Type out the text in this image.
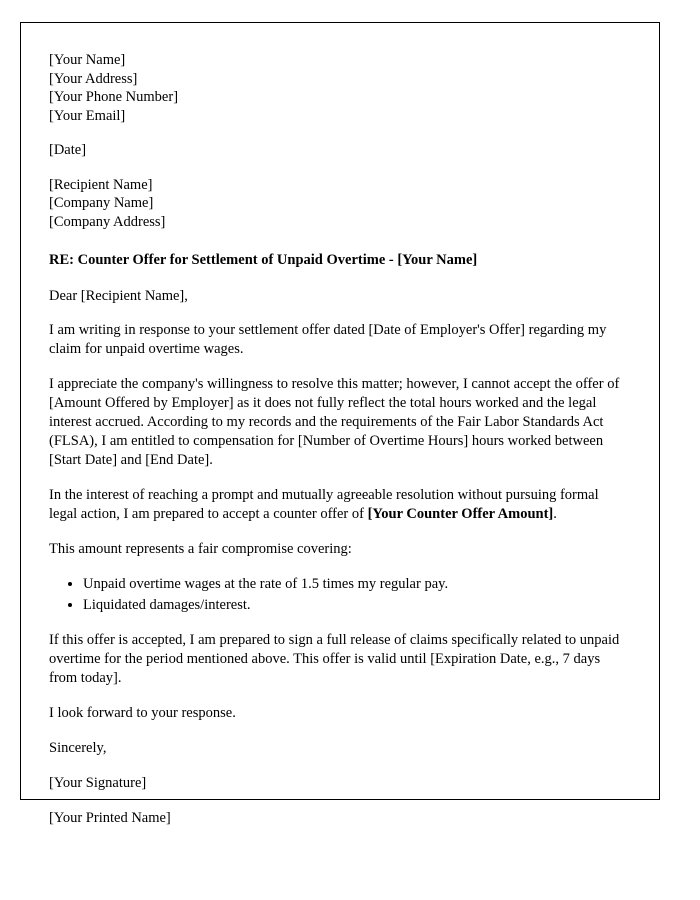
[Your Name]
[Your Address]
[Your Phone Number]
[Your Email]
[Date]
[Recipient Name]
[Company Name]
[Company Address]
RE: Counter Offer for Settlement of Unpaid Overtime - [Your Name]
Dear [Recipient Name],

I am writing in response to your settlement offer dated [Date of Employer's Offer] regarding my claim for unpaid overtime wages.

I appreciate the company's willingness to resolve this matter; however, I cannot accept the offer of [Amount Offered by Employer] as it does not fully reflect the total hours worked and the legal interest accrued. According to my records and the requirements of the Fair Labor Standards Act (FLSA), I am entitled to compensation for [Number of Overtime Hours] hours worked between [Start Date] and [End Date].

In the interest of reaching a prompt and mutually agreeable resolution without pursuing formal legal action, I am prepared to accept a counter offer of [Your Counter Offer Amount].

This amount represents a fair compromise covering:

• Unpaid overtime wages at the rate of 1.5 times my regular pay.
• Liquidated damages/interest.

If this offer is accepted, I am prepared to sign a full release of claims specifically related to unpaid overtime for the period mentioned above. This offer is valid until [Expiration Date, e.g., 7 days from today].

I look forward to your response.

Sincerely,
[Your Signature]
[Your Printed Name]
